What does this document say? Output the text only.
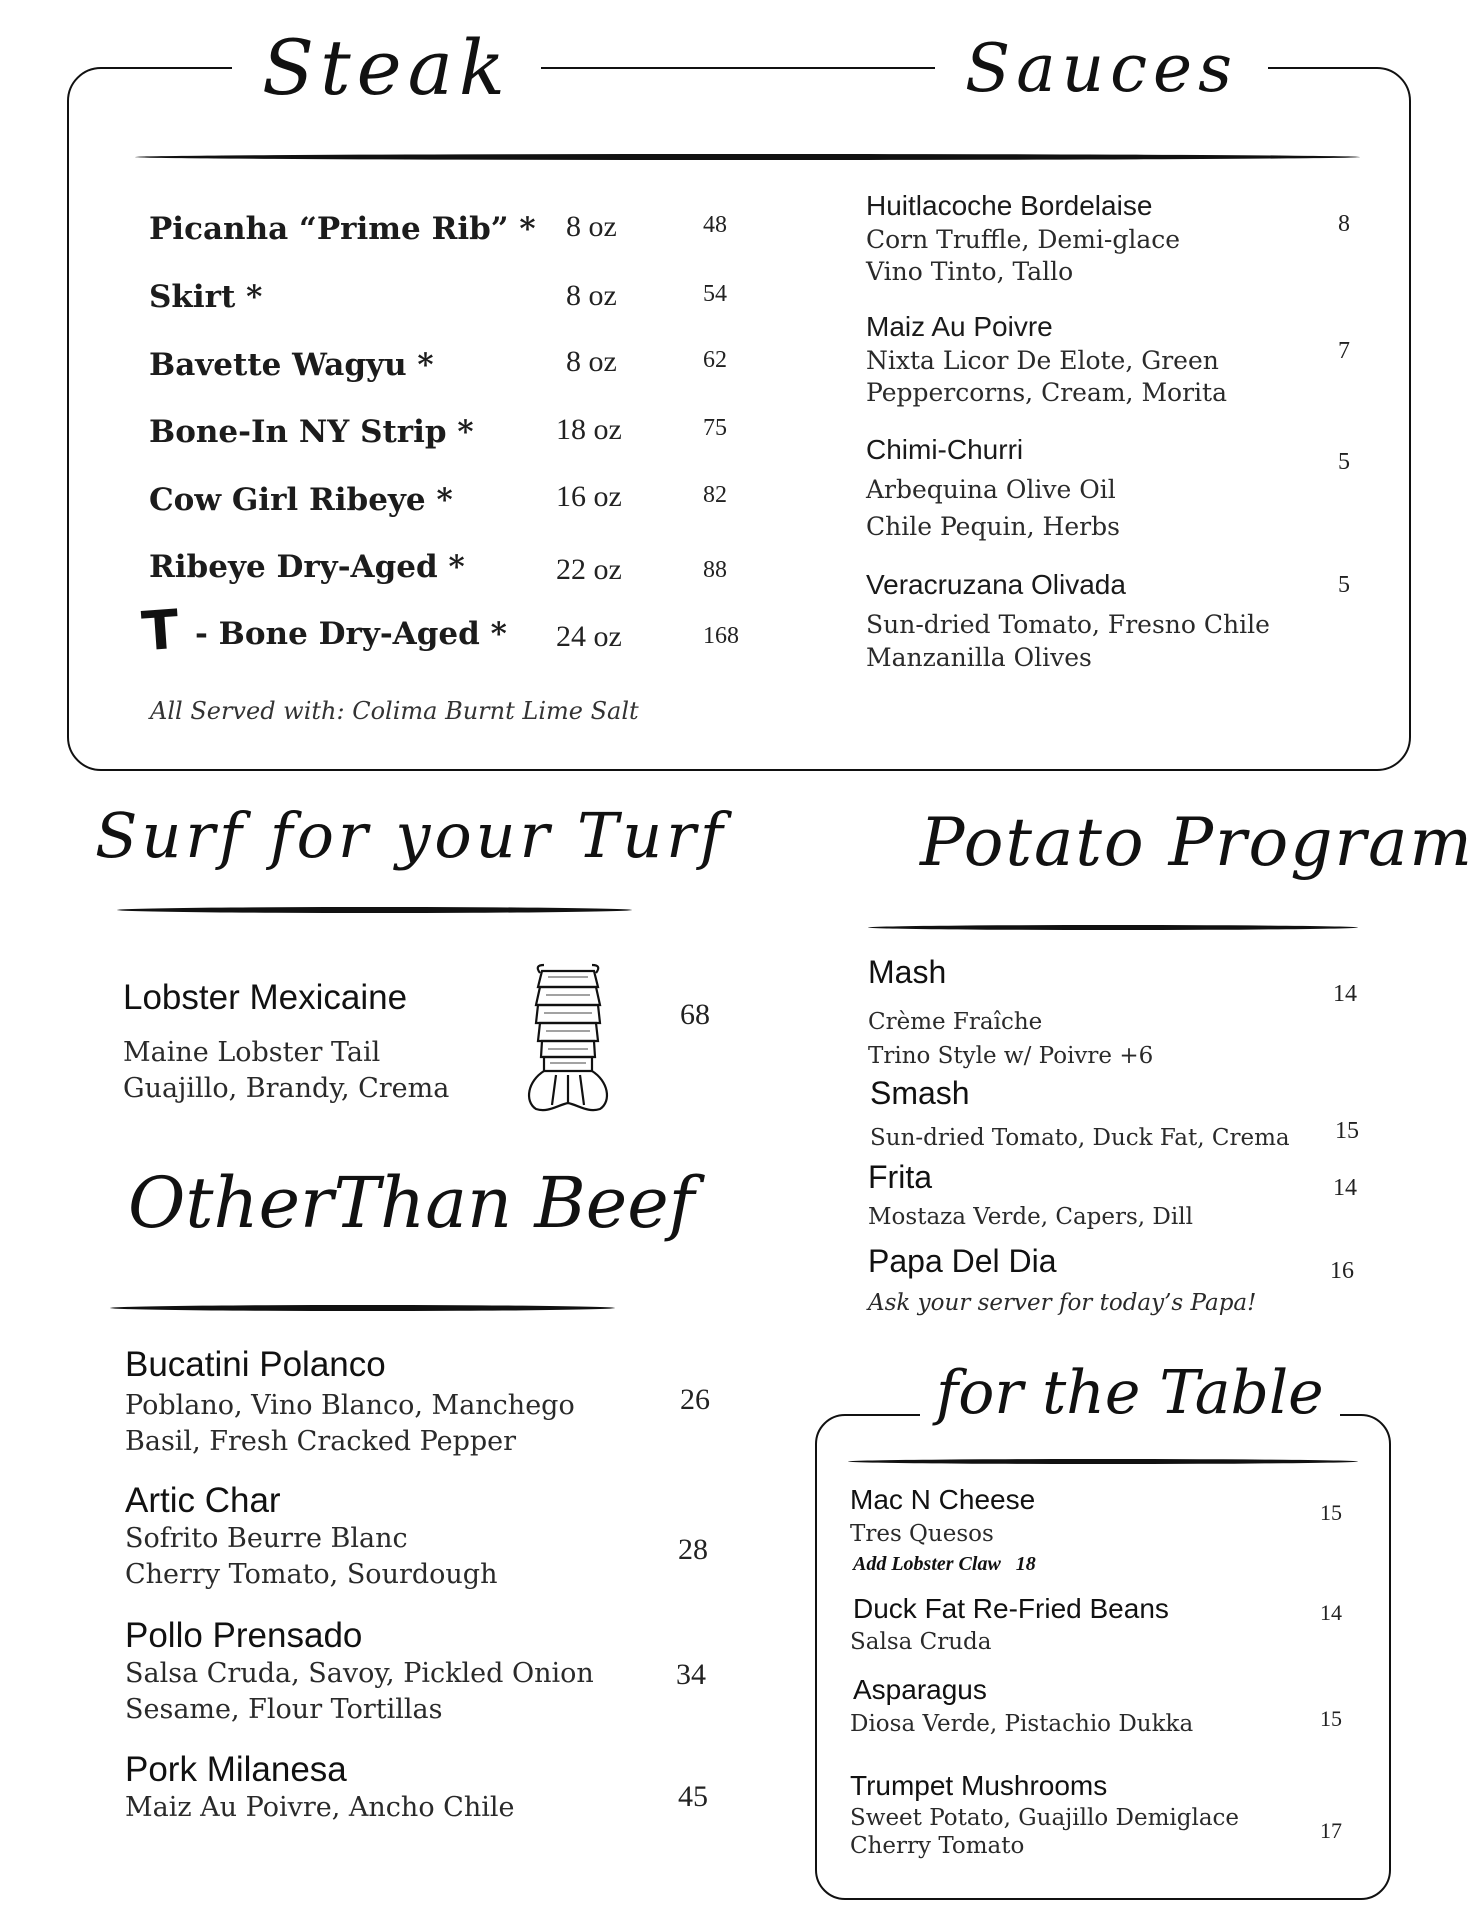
Steak	Sauces
Picanha “Prime Rib” * 8 oz	48
Skirt *	8 oz	54
Bavette Wagyu *	8 oz	62
Bone-In NY Strip *	18 oz	75
Cow Girl Ribeye *	16 oz	82
Ribeye Dry-Aged *	22 oz	88
T - Bone Dry-Aged * 24 oz	168
All Served with: Colima Burnt Lime Salt
Huitlacoche Bordelaise
Corn Truffle, Demi-glace
Vino Tinto, Tallo
8
Maiz Au Poivre
Nixta Licor De Elote, Green
Peppercorns, Cream, Morita
7
Chimi-Churri
Arbequina Olive Oil
Chile Pequin, Herbs
5
Veracruzana Olivada
Sun-dried Tomato, Fresno Chile
Manzanilla Olives
5
Surf for your Turf
Lobster Mexicaine
Maine Lobster Tail
Guajillo, Brandy, Crema
68
OtherThan Beef
Bucatini Polanco
Poblano, Vino Blanco, Manchego
Basil, Fresh Cracked Pepper
26
Artic Char
Sofrito Beurre Blanc
Cherry Tomato, Sourdough
28
Pollo Prensado
Salsa Cruda, Savoy, Pickled Onion
Sesame, Flour Tortillas
34
Pork Milanesa
Maiz Au Poivre, Ancho Chile	45
Potato Program
Mash
Crème Fraîche
Trino Style w/ Poivre +6
14
Smash
Sun-dried Tomato, Duck Fat, Crema 15
Frita
Mostaza Verde, Capers, Dill
14
Papa Del Dia
Ask your server for today’s Papa!
16
for the Table
Mac N Cheese
Tres Quesos
Add Lobster Claw   18
15
Duck Fat Re-Fried Beans
Salsa Cruda
14
Asparagus
Diosa Verde, Pistachio Dukka	15
Trumpet Mushrooms
Sweet Potato, Guajillo Demiglace
Cherry Tomato
17
